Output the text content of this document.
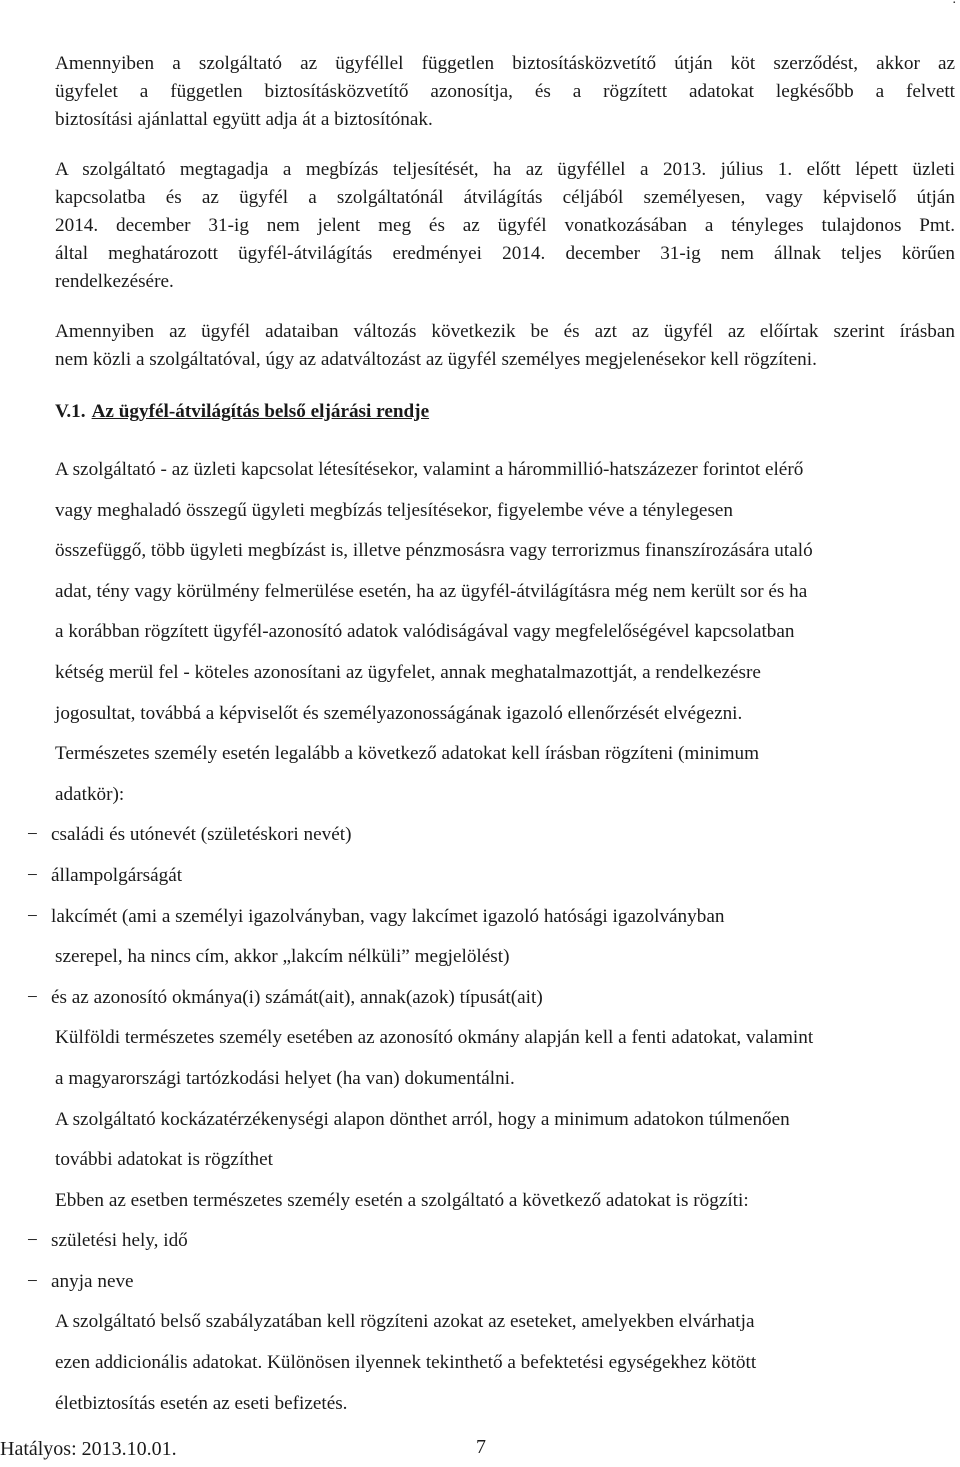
Amennyiben a szolgáltató az ügyféllel független biztosításközvetítő útján köt szerződést, akkor az
ügyfelet a független biztosításközvetítő azonosítja, és a rögzített adatokat legkésőbb a felvett
biztosítási ajánlattal együtt adja át a biztosítónak.

A szolgáltató megtagadja a megbízás teljesítését, ha az ügyféllel a 2013. július 1. előtt lépett üzleti
kapcsolatba és az ügyfél a szolgáltatónál átvilágítás céljából személyesen, vagy képviselő útján
2014. december 31-ig nem jelent meg és az ügyfél vonatkozásában a tényleges tulajdonos Pmt.
által meghatározott ügyfél-átvilágítás eredményei 2014. december 31-ig nem állnak teljes körűen
rendelkezésére.

Amennyiben az ügyfél adataiban változás következik be és azt az ügyfél az előírtak szerint írásban
nem közli a szolgáltatóval, úgy az adatváltozást az ügyfél személyes megjelenésekor kell rögzíteni.

V.1. Az ügyfél-átvilágítás belső eljárási rendje

A szolgáltató - az üzleti kapcsolat létesítésekor, valamint a hárommillió-hatszázezer forintot elérő
vagy meghaladó összegű ügyleti megbízás teljesítésekor, figyelembe véve a ténylegesen
összefüggő, több ügyleti megbízást is, illetve pénzmosásra vagy terrorizmus finanszírozására utaló
adat, tény vagy körülmény felmerülése esetén, ha az ügyfél-átvilágításra még nem került sor és ha
a korábban rögzített ügyfél-azonosító adatok valódiságával vagy megfelelőségével kapcsolatban
kétség merül fel - köteles azonosítani az ügyfelet, annak meghatalmazottját, a rendelkezésre
jogosultat, továbbá a képviselőt és személyazonosságának igazoló ellenőrzését elvégezni.
Természetes személy esetén legalább a következő adatokat kell írásban rögzíteni (minimum
adatkör):
− családi és utónevét (születéskori nevét)
− állampolgárságát
− lakcímét (ami a személyi igazolványban, vagy lakcímet igazoló hatósági igazolványban
szerepel, ha nincs cím, akkor „lakcím nélküli” megjelölést)
− és az azonosító okmánya(i) számát(ait), annak(azok) típusát(ait)
Külföldi természetes személy esetében az azonosító okmány alapján kell a fenti adatokat, valamint
a magyarországi tartózkodási helyet (ha van) dokumentálni.
A szolgáltató kockázatérzékenységi alapon dönthet arról, hogy a minimum adatokon túlmenően
további adatokat is rögzíthet
Ebben az esetben természetes személy esetén a szolgáltató a következő adatokat is rögzíti:
− születési hely, idő
− anyja neve
A szolgáltató belső szabályzatában kell rögzíteni azokat az eseteket, amelyekben elvárhatja
ezen addicionális adatokat. Különösen ilyennek tekinthető a befektetési egységekhez kötött
életbiztosítás esetén az eseti befizetés.
Hatályos: 2013.10.01.	7
